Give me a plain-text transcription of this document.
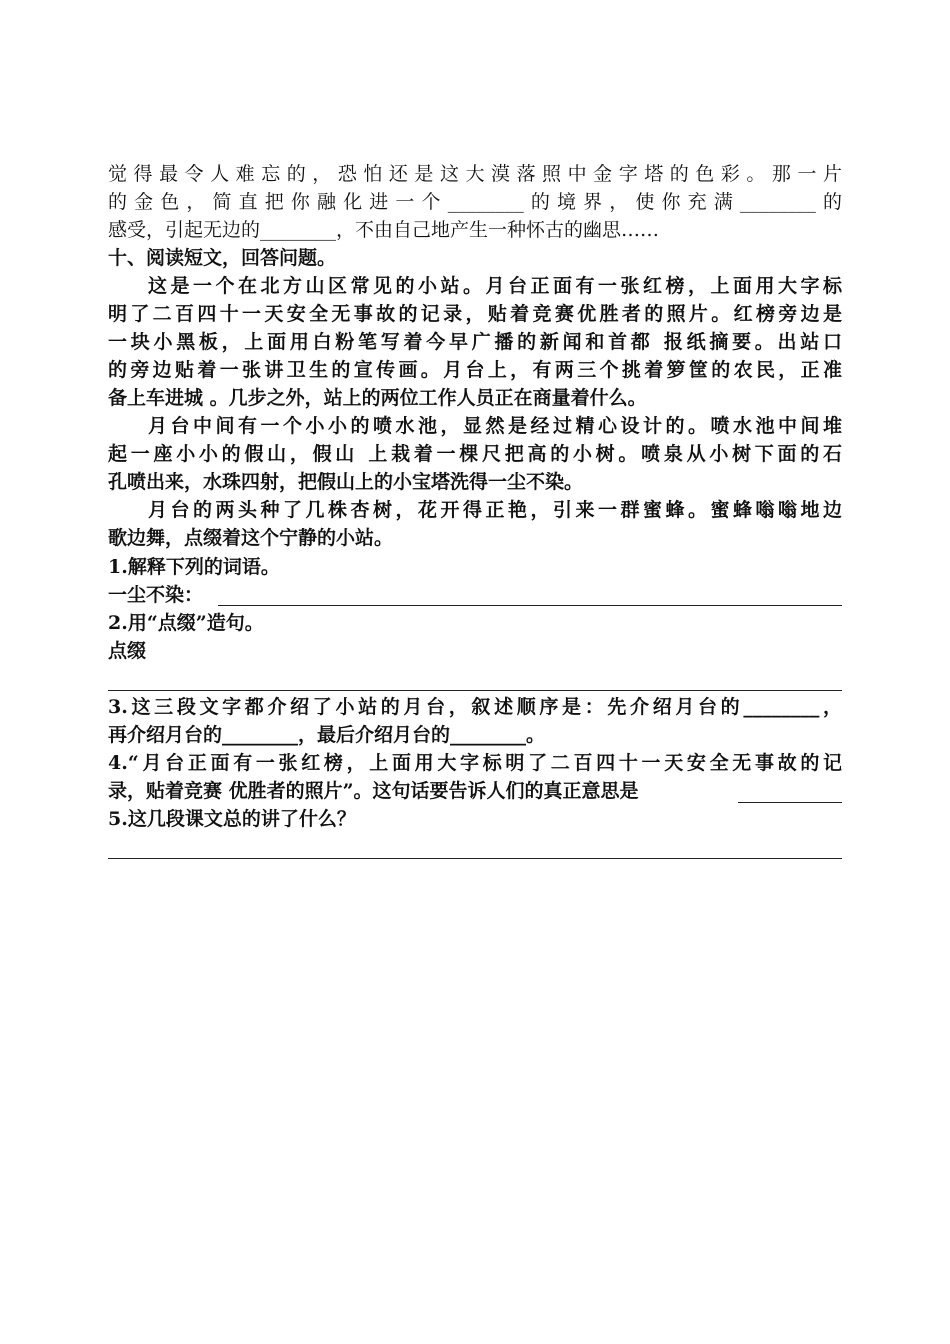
觉得最令人难忘的，恐怕还是这大漠落照中金字塔的色彩。那一片
的金色，简直把你融化进一个________的境界，使你充满________的
感受，引起无边的________，不由自己地产生一种怀古的幽思……
十、阅读短文，回答问题。
这是一个在北方山区常见的小站。月台正面有一张红榜，上面用大字标
明了二百四十一天安全无事故的记录，贴着竞赛优胜者的照片。红榜旁边是
一块小黑板，上面用白粉笔写着今早广播的新闻和首都 报纸摘要。出站口
的旁边贴着一张讲卫生的宣传画。月台上，有两三个挑着箩筐的农民，正准
备上车进城 。几步之外，站上的两位工作人员正在商量着什么。
月台中间有一个小小的喷水池，显然是经过精心设计的。喷水池中间堆
起一座小小的假山，假山 上栽着一棵尺把高的小树。喷泉从小树下面的石
孔喷出来，水珠四射，把假山上的小宝塔洗得一尘不染。
月台的两头种了几株杏树，花开得正艳，引来一群蜜蜂。蜜蜂嗡嗡地边
歌边舞，点缀着这个宁静的小站。
1.解释下列的词语。
一尘不染：
2.用“点缀”造句。
点缀
3.这三段文字都介绍了小站的月台，叙述顺序是：先介绍月台的________，
再介绍月台的________，最后介绍月台的________。
4.“月台正面有一张红榜，上面用大字标明了二百四十一天安全无事故的记
录，贴着竞赛 优胜者的照片”。这句话要告诉人们的真正意思是
5.这几段课文总的讲了什么？
